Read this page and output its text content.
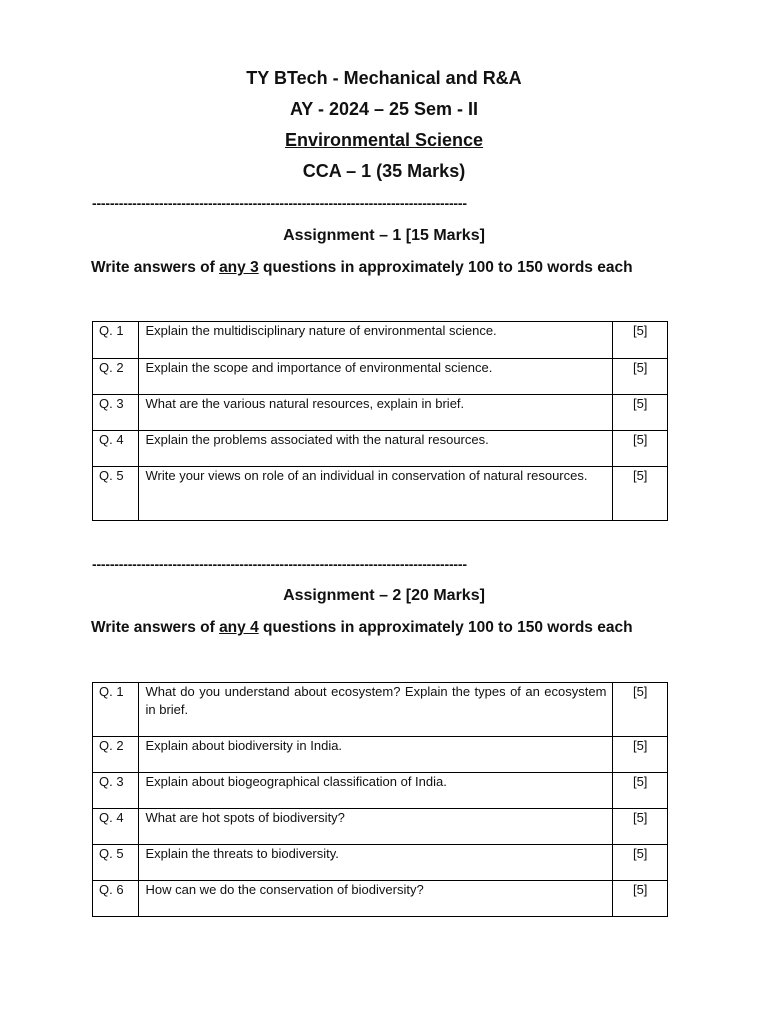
TY BTech - Mechanical and R&A
AY - 2024 – 25 Sem - II
Environmental Science
CCA – 1 (35 Marks)
------------------------------------------------------------------------------------
Assignment – 1 [15 Marks]
Write answers of any 3 questions in approximately 100 to 150 words each
Q. 1	Explain the multidisciplinary nature of environmental science.	[5]
Q. 2	Explain the scope and importance of environmental science.	[5]
Q. 3	What are the various natural resources, explain in brief.	[5]
Q. 4	Explain the problems associated with the natural resources.	[5]
Q. 5	Write your views on role of an individual in conservation of natural resources.	[5]
------------------------------------------------------------------------------------
Assignment – 2 [20 Marks]
Write answers of any 4 questions in approximately 100 to 150 words each
Q. 1	What do you understand about ecosystem? Explain the types of an ecosystem in brief.	[5]
Q. 2	Explain about biodiversity in India.	[5]
Q. 3	Explain about biogeographical classification of India.	[5]
Q. 4	What are hot spots of biodiversity?	[5]
Q. 5	Explain the threats to biodiversity.	[5]
Q. 6	How can we do the conservation of biodiversity?	[5]
